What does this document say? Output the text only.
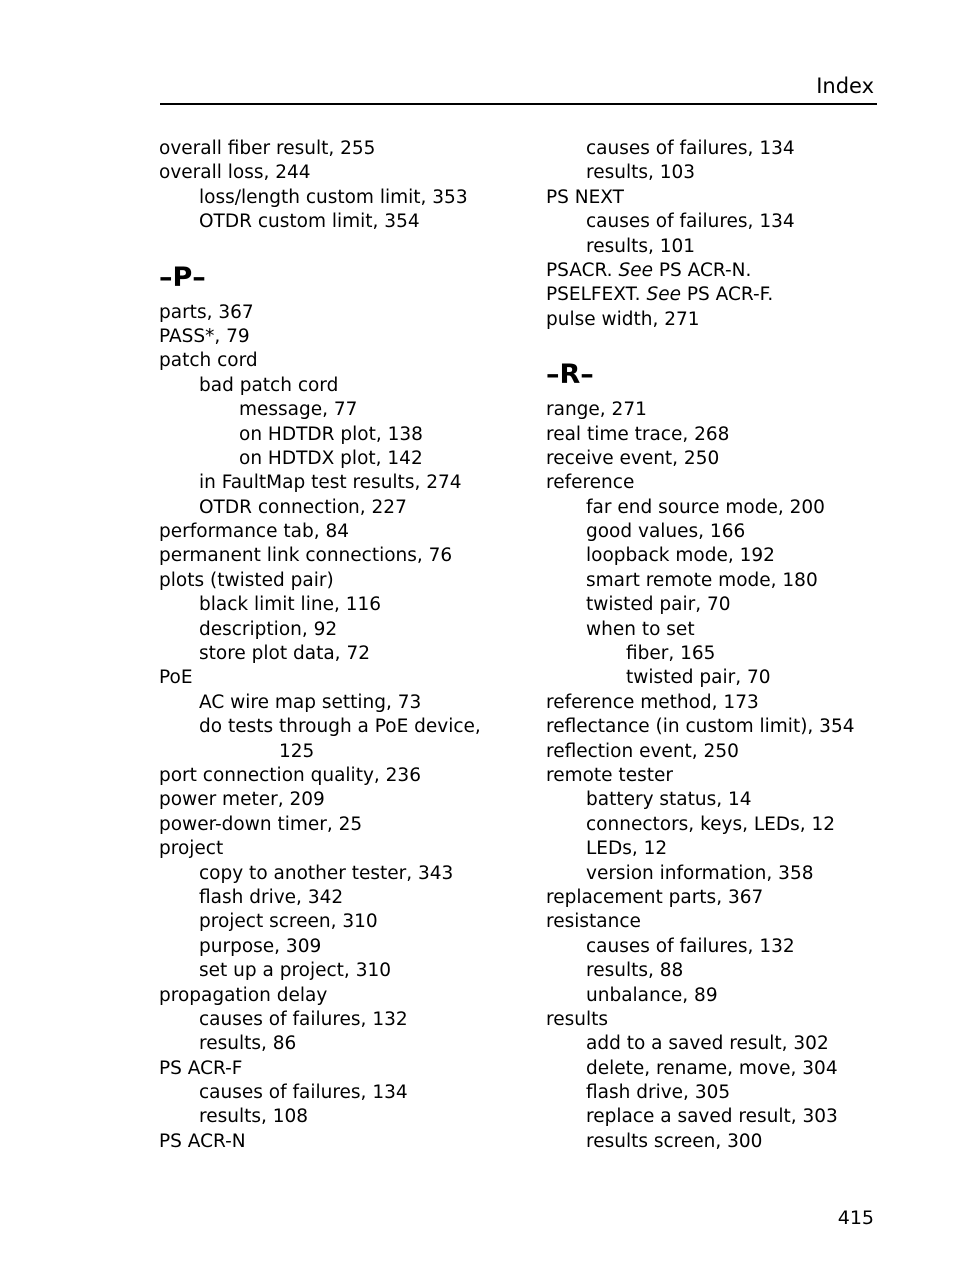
Index
overall fiber result, 255
overall loss, 244
loss/length custom limit, 353
OTDR custom limit, 354
–P–
parts, 367
PASS*, 79
patch cord
bad patch cord
message, 77
on HDTDR plot, 138
on HDTDX plot, 142
in FaultMap test results, 274
OTDR connection, 227
performance tab, 84
permanent link connections, 76
plots (twisted pair)
black limit line, 116
description, 92
store plot data, 72
PoE
AC wire map setting, 73
do tests through a PoE device,
125
port connection quality, 236
power meter, 209
power-down timer, 25
project
copy to another tester, 343
flash drive, 342
project screen, 310
purpose, 309
set up a project, 310
propagation delay
causes of failures, 132
results, 86
PS ACR-F
causes of failures, 134
results, 108
PS ACR-N
causes of failures, 134
results, 103
PS NEXT
causes of failures, 134
results, 101
PSACR. See PS ACR-N.
PSELFEXT. See PS ACR-F.
pulse width, 271
–R–
range, 271
real time trace, 268
receive event, 250
reference
far end source mode, 200
good values, 166
loopback mode, 192
smart remote mode, 180
twisted pair, 70
when to set
fiber, 165
twisted pair, 70
reference method, 173
reflectance (in custom limit), 354
reflection event, 250
remote tester
battery status, 14
connectors, keys, LEDs, 12
LEDs, 12
version information, 358
replacement parts, 367
resistance
causes of failures, 132
results, 88
unbalance, 89
results
add to a saved result, 302
delete, rename, move, 304
flash drive, 305
replace a saved result, 303
results screen, 300
415
